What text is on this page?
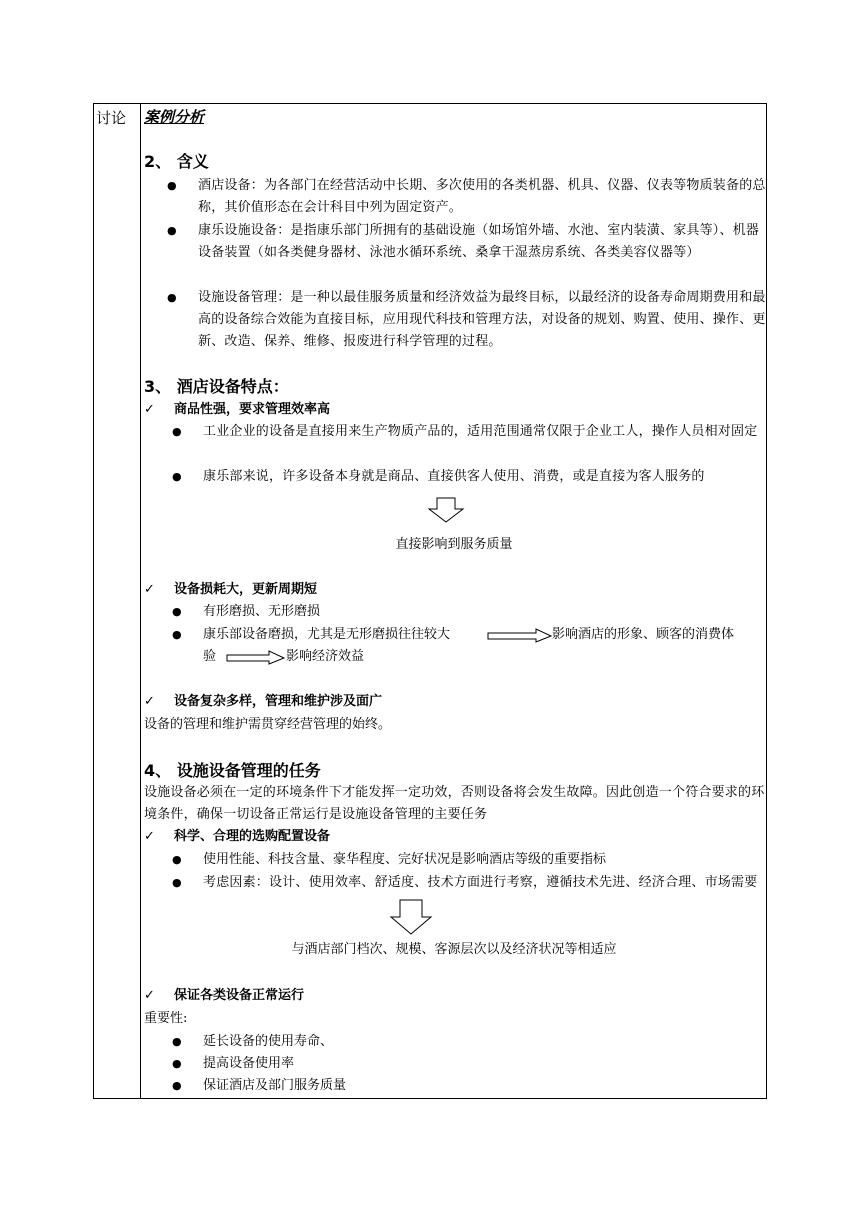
讨论 案例分析
2、 含义
● 酒店设备：为各部门在经营活动中长期、多次使用的各类机器、机具、仪器、仪表等物质装备的总称，其价值形态在会计科目中列为固定资产。
● 康乐设施设备：是指康乐部门所拥有的基础设施（如场馆外墙、水池、室内装潢、家具等）、机器设备装置（如各类健身器材、泳池水循环系统、桑拿干湿蒸房系统、各类美容仪器等）
● 设施设备管理：是一种以最佳服务质量和经济效益为最终目标，以最经济的设备寿命周期费用和最高的设备综合效能为直接目标，应用现代科技和管理方法，对设备的规划、购置、使用、操作、更新、改造、保养、维修、报废进行科学管理的过程。
3、 酒店设备特点：
✓ 商品性强，要求管理效率高
● 工业企业的设备是直接用来生产物质产品的，适用范围通常仅限于企业工人，操作人员相对固定
● 康乐部来说，许多设备本身就是商品、直接供客人使用、消费，或是直接为客人服务的
直接影响到服务质量
✓ 设备损耗大，更新周期短
● 有形磨损、无形磨损
● 康乐部设备磨损，尤其是无形磨损往往较大	影响酒店的形象、顾客的消费体
验	影响经济效益
✓ 设备复杂多样，管理和维护涉及面广
设备的管理和维护需贯穿经营管理的始终。
4、 设施设备管理的任务
设施设备必须在一定的环境条件下才能发挥一定功效，否则设备将会发生故障。因此创造一个符合要求的环境条件，确保一切设备正常运行是设施设备管理的主要任务
✓ 科学、合理的选购配置设备
● 使用性能、科技含量、豪华程度、完好状况是影响酒店等级的重要指标
● 考虑因素：设计、使用效率、舒适度、技术方面进行考察，遵循技术先进、经济合理、市场需要
与酒店部门档次、规模、客源层次以及经济状况等相适应
✓ 保证各类设备正常运行
重要性:
● 延长设备的使用寿命、
● 提高设备使用率
● 保证酒店及部门服务质量
